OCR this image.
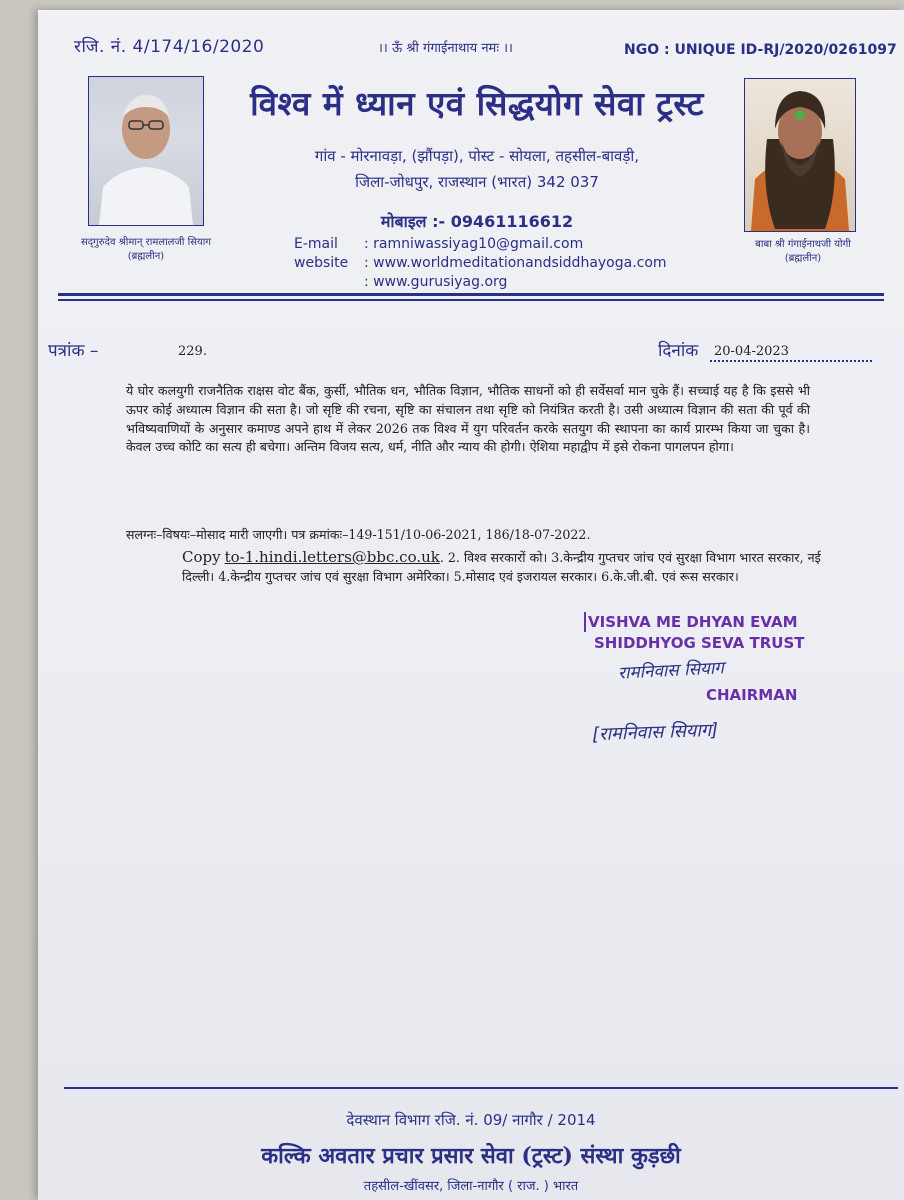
रजि. नं. 4/174/16/2020	।। ऊँ श्री गंगाईनाथाय नमः ।।	NGO : UNIQUE ID-RJ/2020/0261097
सद्‌गुरुदेव श्रीमान् रामलालजी सियाग
(ब्रह्मलीन)
बाबा श्री गंगाईनाथजी योगी
(ब्रह्मलीन)
विश्व में ध्यान एवं सिद्धयोग सेवा ट्रस्ट
गांव - मोरनावड़ा, (झौंपड़ा), पोस्ट - सोयला, तहसील-बावड़ी,
जिला-जोधपुर, राजस्थान (भारत) 342 037
मोबाइल :- 09461116612
E-mail : ramniwassiyag10@gmail.com
website : www.worldmeditationandsiddhayoga.com
: www.gurusiyag.org
पत्रांक –	229.	दिनांक 20-04-2023

ये घोर कलयुगी राजनैतिक राक्षस वोट बैंक, कुर्सी, भौतिक धन, भौतिक विज्ञान, भौतिक साधनों को ही सर्वेसर्वा मान चुके हैं। सच्चाई यह है कि इससे भी ऊपर कोई अध्यात्म विज्ञान की सता है। जो सृष्टि की रचना, सृष्टि का संचालन तथा सृष्टि को नियंत्रित करती है। उसी अध्यात्म विज्ञान की सता की पूर्व की भविष्यवाणियों के अनुसार कमाण्ड अपने हाथ में लेकर 2026 तक विश्व में युग परिवर्तन करके सतयुग की स्थापना का कार्य प्रारम्भ किया जा चुका है। केवल उच्च कोटि का सत्य ही बचेगा। अन्तिम विजय सत्य, धर्म, नीति और न्याय की होगी। ऐशिया महाद्वीप में इसे रोकना पागलपन होगा।

सलग्नः–विषयः–मोसाद मारी जाएगी। पत्र क्रमांकः–149-151/10-06-2021, 186/18-07-2022.
Copy to-1.hindi.letters@bbc.co.uk. 2. विश्व सरकारों को। 3.केन्द्रीय गुप्तचर जांच एवं सुरक्षा विभाग भारत सरकार, नई दिल्ली। 4.केन्द्रीय गुप्तचर जांच एवं सुरक्षा विभाग अमेरिका। 5.मोसाद एवं इजरायल सरकार। 6.के.जी.बी. एवं रूस सरकार।
VISHVA ME DHYAN EVAM
SHIDDHYOG SEVA TRUST
रामनिवास सियाग
CHAIRMAN
[रामनिवास सियाग]
देवस्थान विभाग रजि. नं. 09/ नागौर / 2014
कल्कि अवतार प्रचार प्रसार सेवा (ट्रस्ट) संस्था कुड़छी
तहसील-खींवसर, जिला-नागौर ( राज. ) भारत
